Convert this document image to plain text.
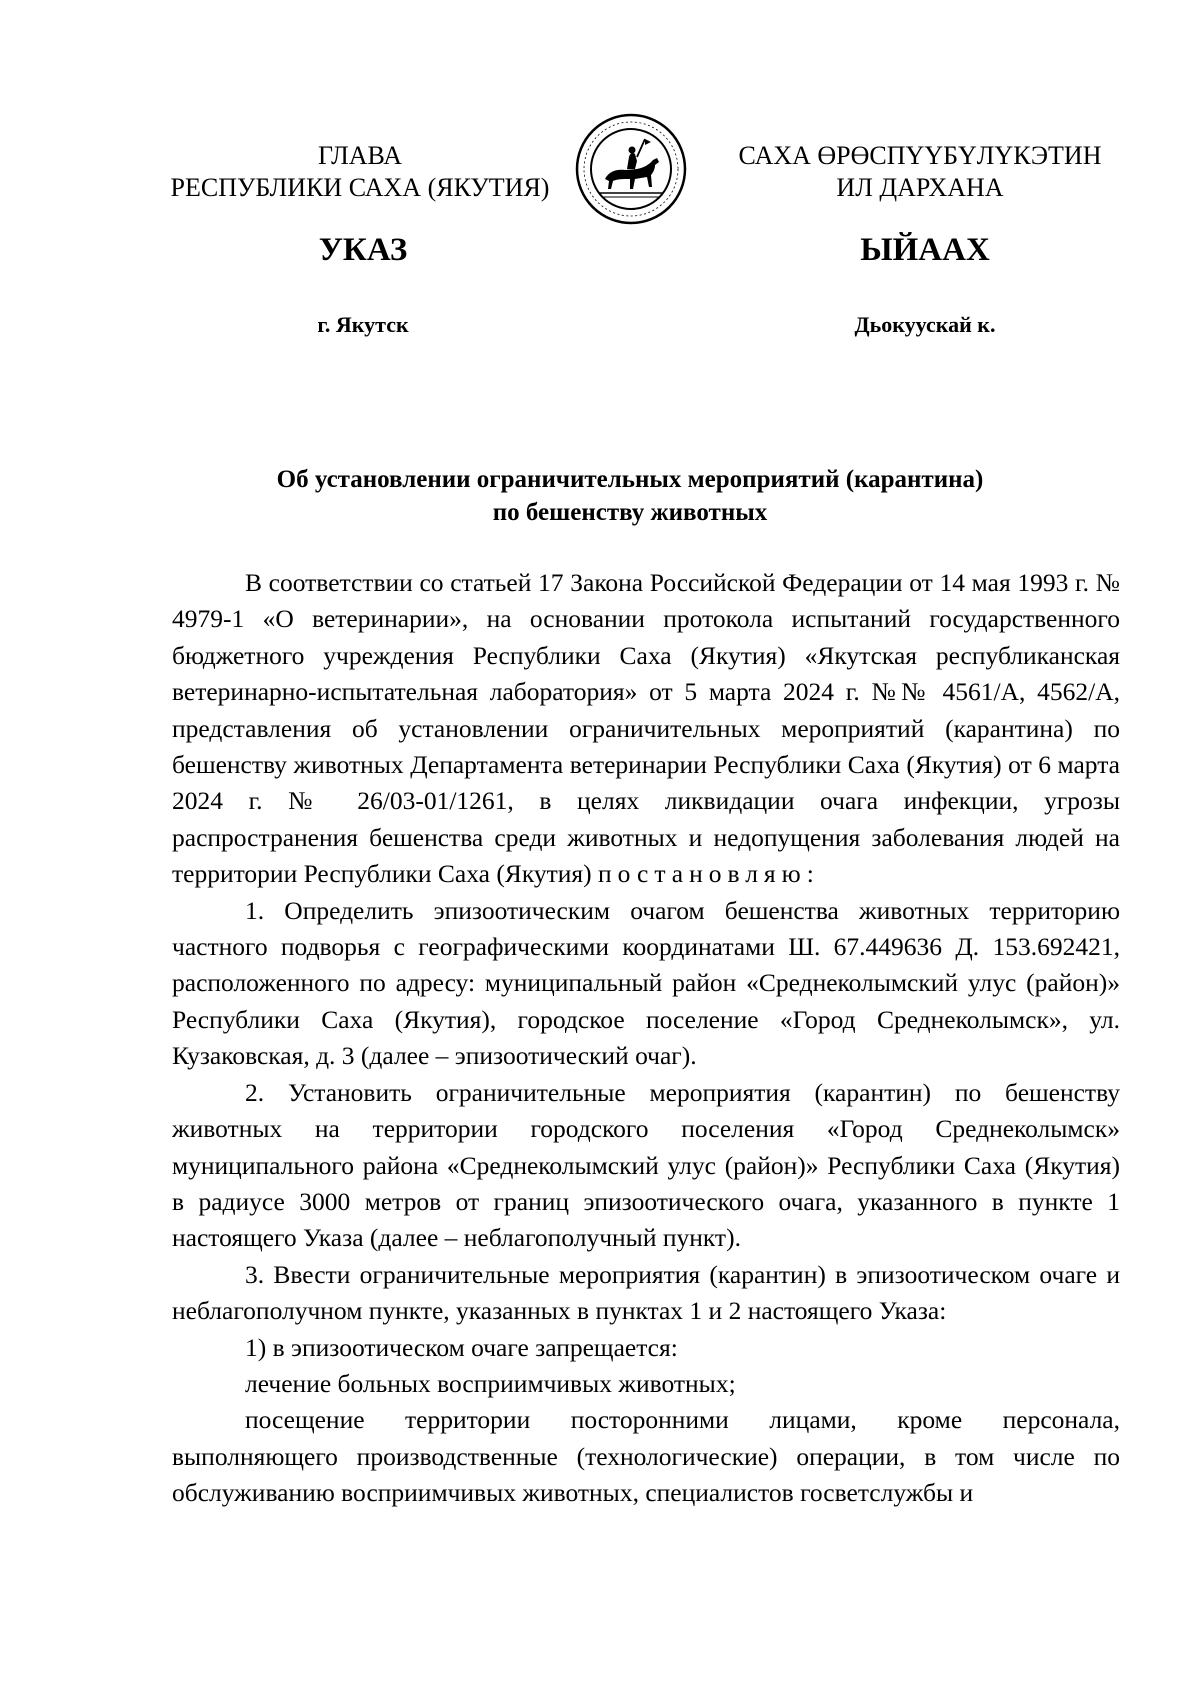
ГЛАВА
РЕСПУБЛИКИ САХА (ЯКУТИЯ)
САХА ӨРӨСПҮҮБҮЛҮКЭТИН
ИЛ ДАРХАНА
УКАЗ	ЫЙААХ
г. Якутск	Дьокуускай к.
Об установлении ограничительных мероприятий (карантина)
по бешенству животных

В соответствии со статьей 17 Закона Российской Федерации от 14 мая 1993 г. № 4979-1 «О ветеринарии», на основании протокола испытаний государственного бюджетного учреждения Республики Саха (Якутия) «Якутская республиканская ветеринарно-испытательная лаборатория» от 5 марта 2024 г. №№ 4561/А, 4562/А, представления об установлении ограничительных мероприятий (карантина) по бешенству животных Департамента ветеринарии Республики Саха (Якутия) от 6 марта 2024 г. № 26/03-01/1261, в целях ликвидации очага инфекции, угрозы распространения бешенства среди животных и недопущения заболевания людей на территории Республики Саха (Якутия) постановляю:

1. Определить эпизоотическим очагом бешенства животных территорию частного подворья с географическими координатами Ш. 67.449636 Д. 153.692421, расположенного по адресу: муниципальный район «Среднеколымский улус (район)» Республики Саха (Якутия), городское поселение «Город Среднеколымск», ул. Кузаковская, д. 3 (далее – эпизоотический очаг).

2. Установить ограничительные мероприятия (карантин) по бешенству животных на территории городского поселения «Город Среднеколымск» муниципального района «Среднеколымский улус (район)» Республики Саха (Якутия) в радиусе 3000 метров от границ эпизоотического очага, указанного в пункте 1 настоящего Указа (далее – неблагополучный пункт).

3. Ввести ограничительные мероприятия (карантин) в эпизоотическом очаге и неблагополучном пункте, указанных в пунктах 1 и 2 настоящего Указа:

1) в эпизоотическом очаге запрещается:

лечение больных восприимчивых животных;

посещение территории посторонними лицами, кроме персонала, выполняющего производственные (технологические) операции, в том числе по обслуживанию восприимчивых животных, специалистов госветслужбы и
